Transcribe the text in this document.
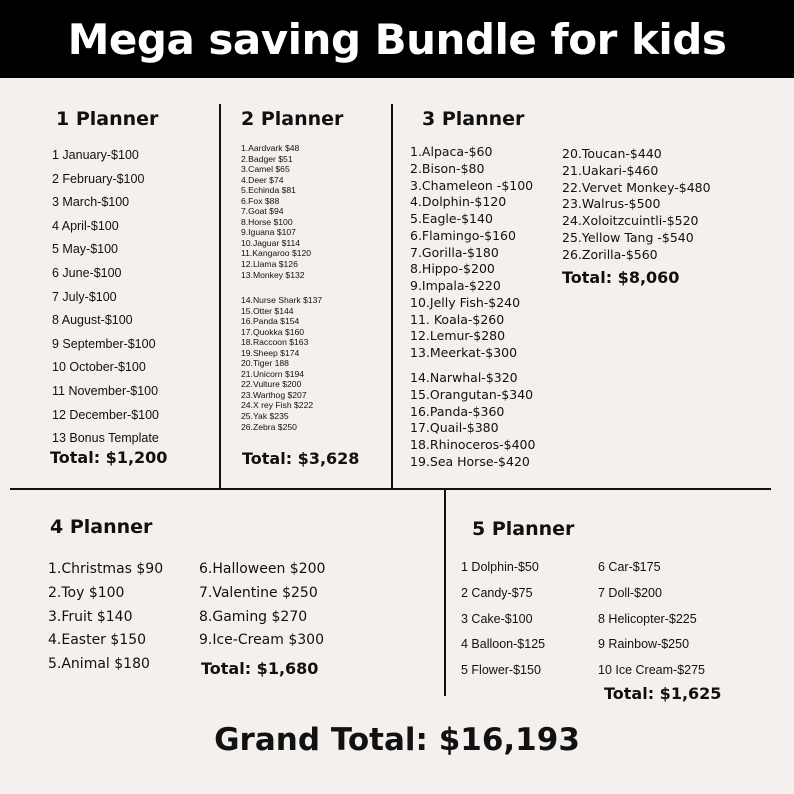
Mega saving Bundle for kids
1 Planner
1 January-$100
2 February-$100
3 March-$100
4 April-$100
5 May-$100
6 June-$100
7 July-$100
8 August-$100
9 September-$100
10 October-$100
11 November-$100
12 December-$100
13 Bonus Template
Total: $1,200
2 Planner
1.Aardvark $48
2.Badger $51
3.Camel $65
4.Deer $74
5.Echinda $81
6.Fox $88
7.Goat $94
8.Horse $100
9.Iguana $107
10.Jaguar $114
11.Kangaroo $120
12.Llama $126
13.Monkey $132
14.Nurse Shark $137
15.Otter $144
16.Panda $154
17.Quokka $160
18.Raccoon $163
19.Sheep $174
20.Tiger 188
21.Unicorn $194
22.Vulture $200
23.Warthog $207
24.X rey Fish $222
25.Yak $235
26.Zebra $250
Total: $3,628
3 Planner
1.Alpaca-$60
2.Bison-$80
3.Chameleon -$100
4.Dolphin-$120
5.Eagle-$140
6.Flamingo-$160
7.Gorilla-$180
8.Hippo-$200
9.Impala-$220
10.Jelly Fish-$240
11. Koala-$260
12.Lemur-$280
13.Meerkat-$300
14.Narwhal-$320
15.Orangutan-$340
16.Panda-$360
17.Quail-$380
18.Rhinoceros-$400
19.Sea Horse-$420
20.Toucan-$440
21.Uakari-$460
22.Vervet Monkey-$480
23.Walrus-$500
24.Xoloitzcuintli-$520
25.Yellow Tang -$540
26.Zorilla-$560
Total: $8,060
4 Planner
1.Christmas $90
2.Toy $100
3.Fruit $140
4.Easter $150
5.Animal $180
6.Halloween $200
7.Valentine $250
8.Gaming $270
9.Ice-Cream $300
Total: $1,680
5 Planner
1 Dolphin-$50
2 Candy-$75
3 Cake-$100
4 Balloon-$125
5 Flower-$150
6 Car-$175
7 Doll-$200
8 Helicopter-$225
9 Rainbow-$250
10 Ice Cream-$275
Total: $1,625
Grand Total: $16,193
